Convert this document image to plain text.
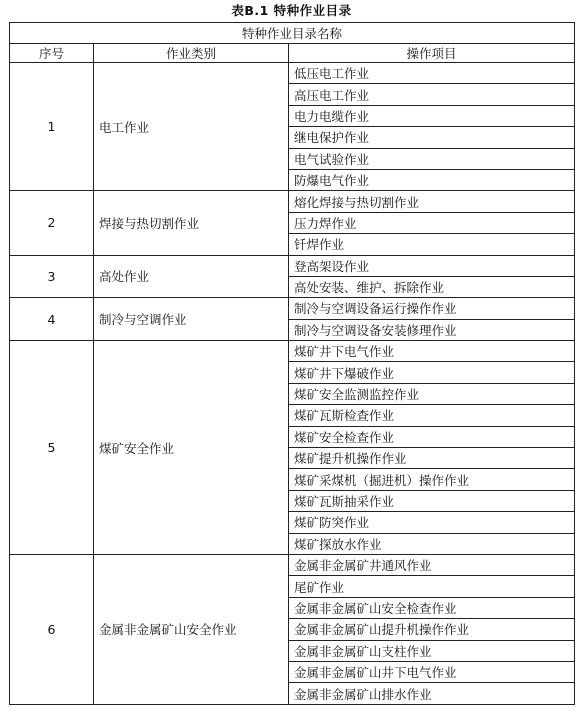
表B.1 特种作业目录
特种作业目录名称		
序号	作业类别	操作项目
1	电工作业	低压电工作业
		高压电工作业
		电力电缆作业
		继电保护作业
		电气试验作业
		防爆电气作业
2	焊接与热切割作业	熔化焊接与热切割作业
		压力焊作业
		钎焊作业
3	高处作业	登高架设作业
		高处安装、维护、拆除作业
4	制冷与空调作业	制冷与空调设备运行操作作业
		制冷与空调设备安装修理作业
5	煤矿安全作业	煤矿井下电气作业
		煤矿井下爆破作业
		煤矿安全监测监控作业
		煤矿瓦斯检查作业
		煤矿安全检查作业
		煤矿提升机操作作业
		煤矿采煤机（掘进机）操作作业
		煤矿瓦斯抽采作业
		煤矿防突作业
		煤矿探放水作业
6	金属非金属矿山安全作业	金属非金属矿井通风作业
		尾矿作业
		金属非金属矿山安全检查作业
		金属非金属矿山提升机操作作业
		金属非金属矿山支柱作业
		金属非金属矿山井下电气作业
		金属非金属矿山排水作业
